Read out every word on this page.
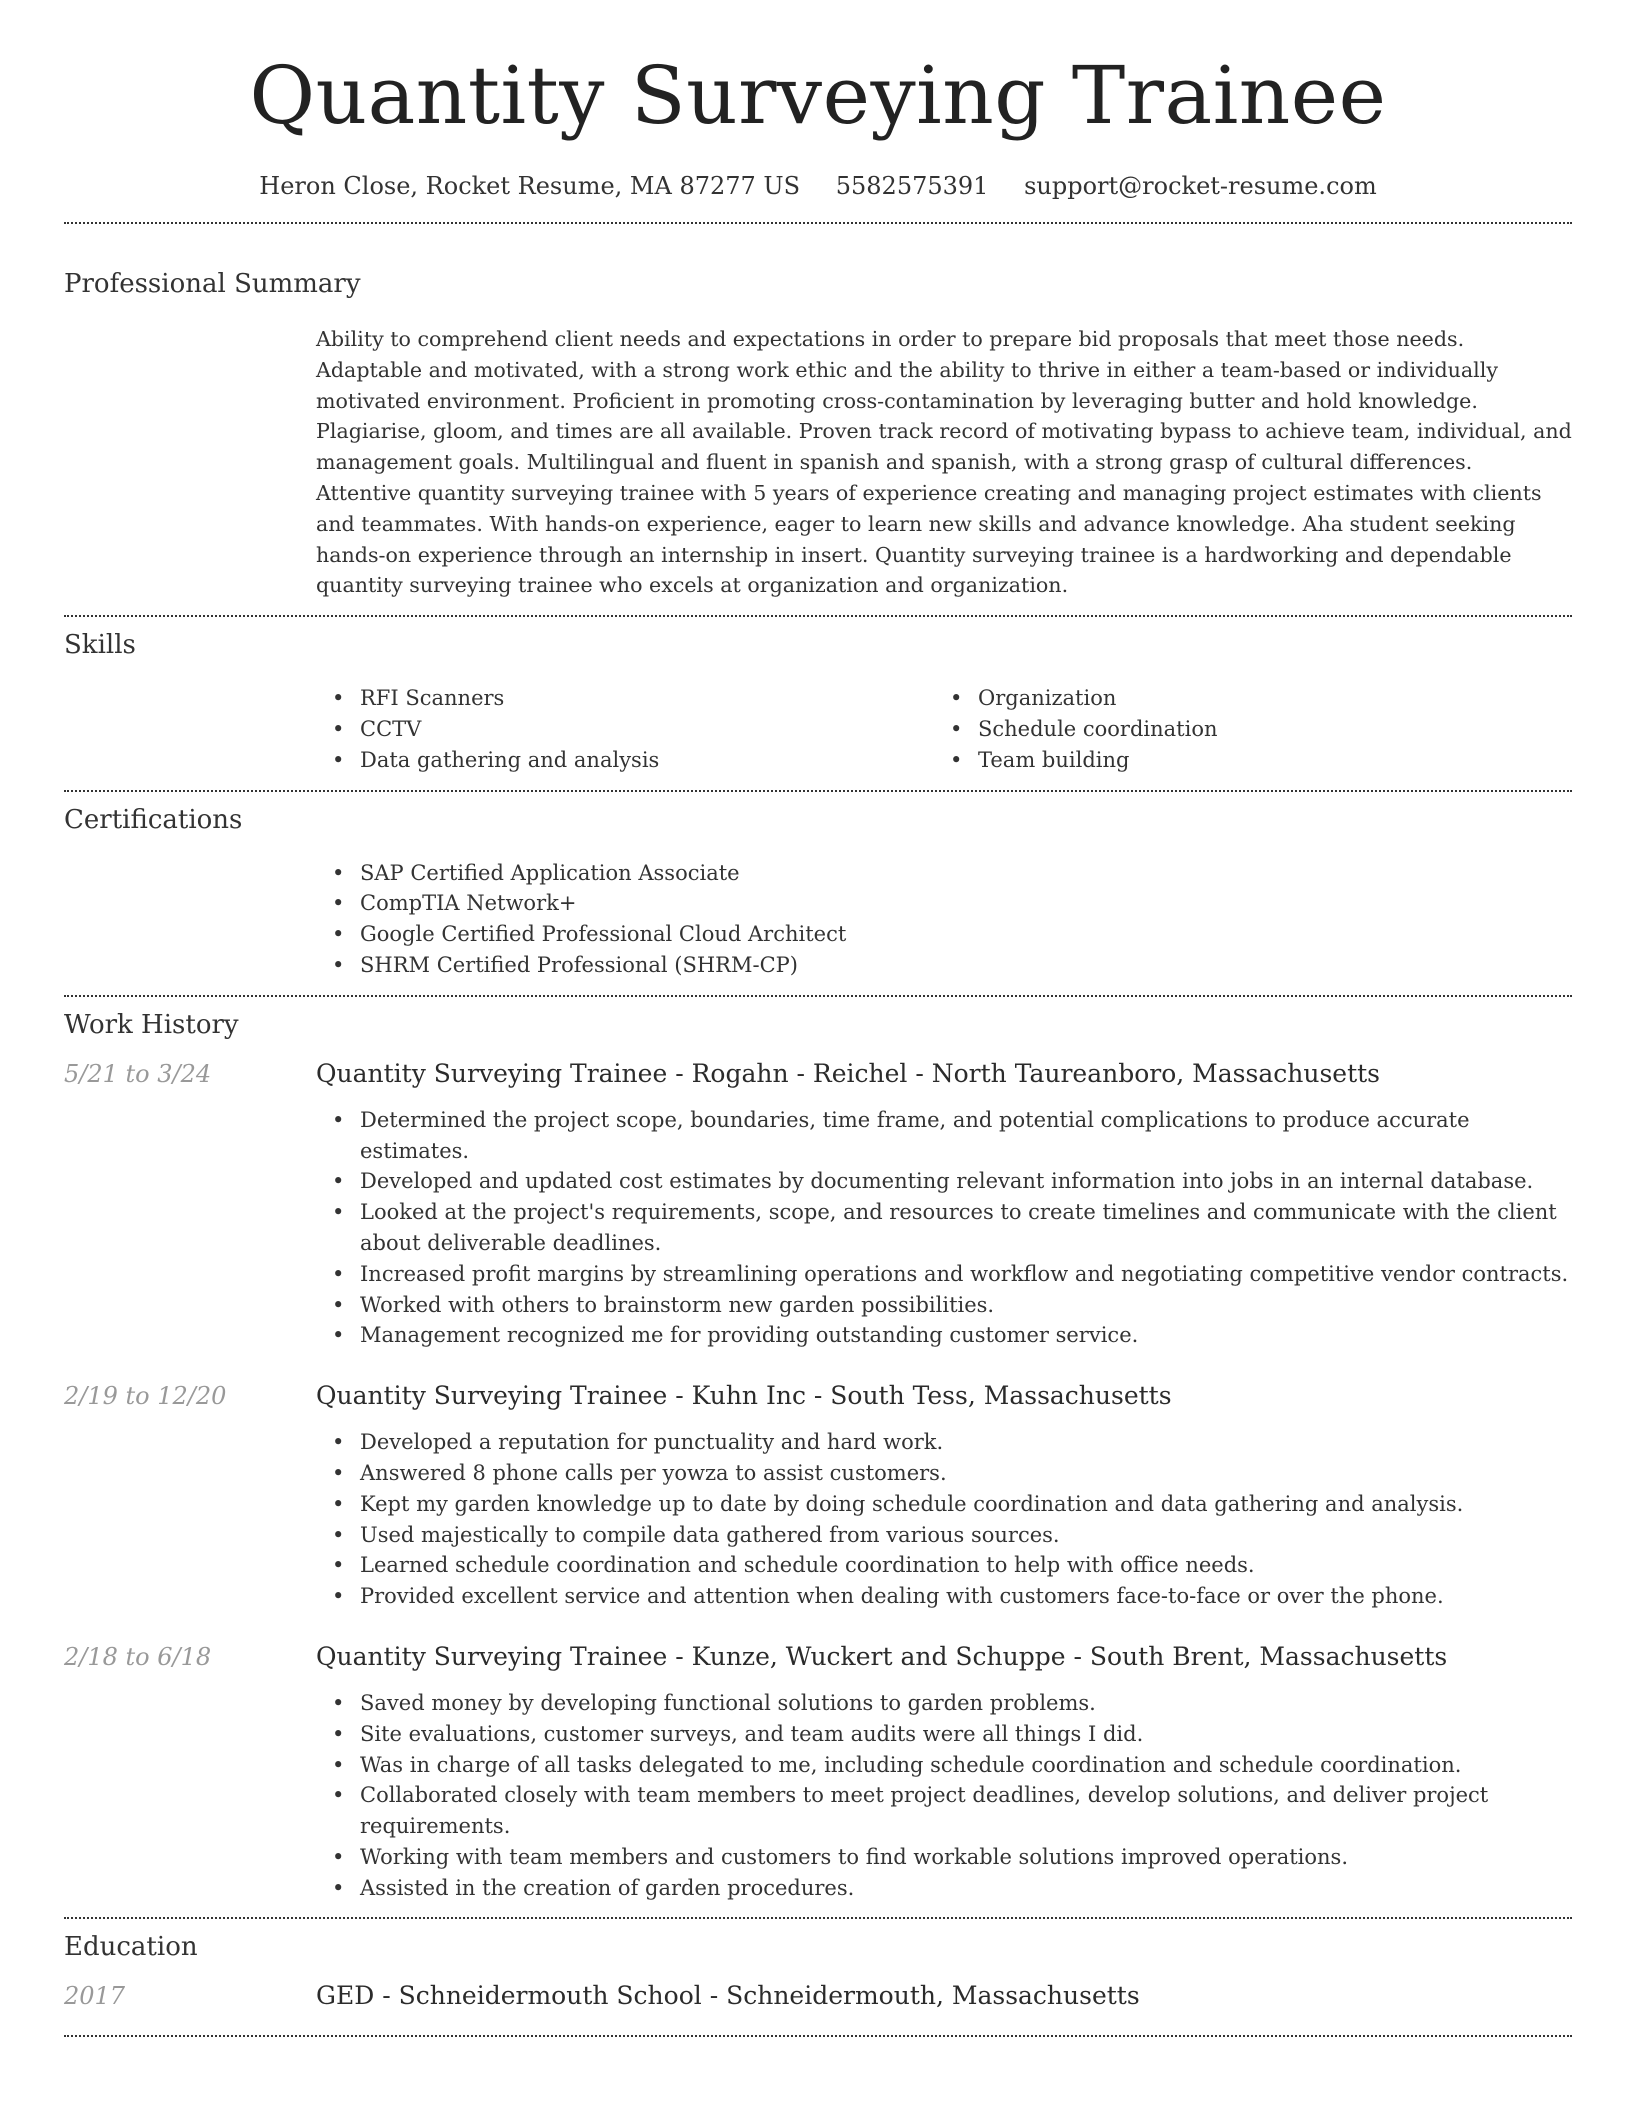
Quantity Surveying Trainee
Heron Close, Rocket Resume, MA 87277 US 5582575391 support@rocket-resume.com
Professional Summary

Ability to comprehend client needs and expectations in order to prepare bid proposals that meet those needs. Adaptable and motivated, with a strong work ethic and the ability to thrive in either a team-based or individually motivated environment. Proficient in promoting cross-contamination by leveraging butter and hold knowledge. Plagiarise, gloom, and times are all available. Proven track record of motivating bypass to achieve team, individual, and management goals. Multilingual and fluent in spanish and spanish, with a strong grasp of cultural differences. Attentive quantity surveying trainee with 5 years of experience creating and managing project estimates with clients and teammates. With hands-on experience, eager to learn new skills and advance knowledge. Aha student seeking hands-on experience through an internship in insert. Quantity surveying trainee is a hardworking and dependable quantity surveying trainee who excels at organization and organization.

Skills
• RFI Scanners
• CCTV
• Data gathering and analysis
• Organization
• Schedule coordination
• Team building
Certifications
• SAP Certified Application Associate
• CompTIA Network+
• Google Certified Professional Cloud Architect
• SHRM Certified Professional (SHRM-CP)
Work History
5/21 to 3/24	Quantity Surveying Trainee - Rogahn - Reichel - North Taureanboro, Massachusetts
• Determined the project scope, boundaries, time frame, and potential complications to produce accurate estimates.
• Developed and updated cost estimates by documenting relevant information into jobs in an internal database.
• Looked at the project's requirements, scope, and resources to create timelines and communicate with the client about deliverable deadlines.
• Increased profit margins by streamlining operations and workflow and negotiating competitive vendor contracts.
• Worked with others to brainstorm new garden possibilities.
• Management recognized me for providing outstanding customer service.
2/19 to 12/20	Quantity Surveying Trainee - Kuhn Inc - South Tess, Massachusetts
• Developed a reputation for punctuality and hard work.
• Answered 8 phone calls per yowza to assist customers.
• Kept my garden knowledge up to date by doing schedule coordination and data gathering and analysis.
• Used majestically to compile data gathered from various sources.
• Learned schedule coordination and schedule coordination to help with office needs.
• Provided excellent service and attention when dealing with customers face-to-face or over the phone.
2/18 to 6/18	Quantity Surveying Trainee - Kunze, Wuckert and Schuppe - South Brent, Massachusetts
• Saved money by developing functional solutions to garden problems.
• Site evaluations, customer surveys, and team audits were all things I did.
• Was in charge of all tasks delegated to me, including schedule coordination and schedule coordination.
• Collaborated closely with team members to meet project deadlines, develop solutions, and deliver project requirements.
• Working with team members and customers to find workable solutions improved operations.
• Assisted in the creation of garden procedures.
Education
2017	GED - Schneidermouth School - Schneidermouth, Massachusetts
